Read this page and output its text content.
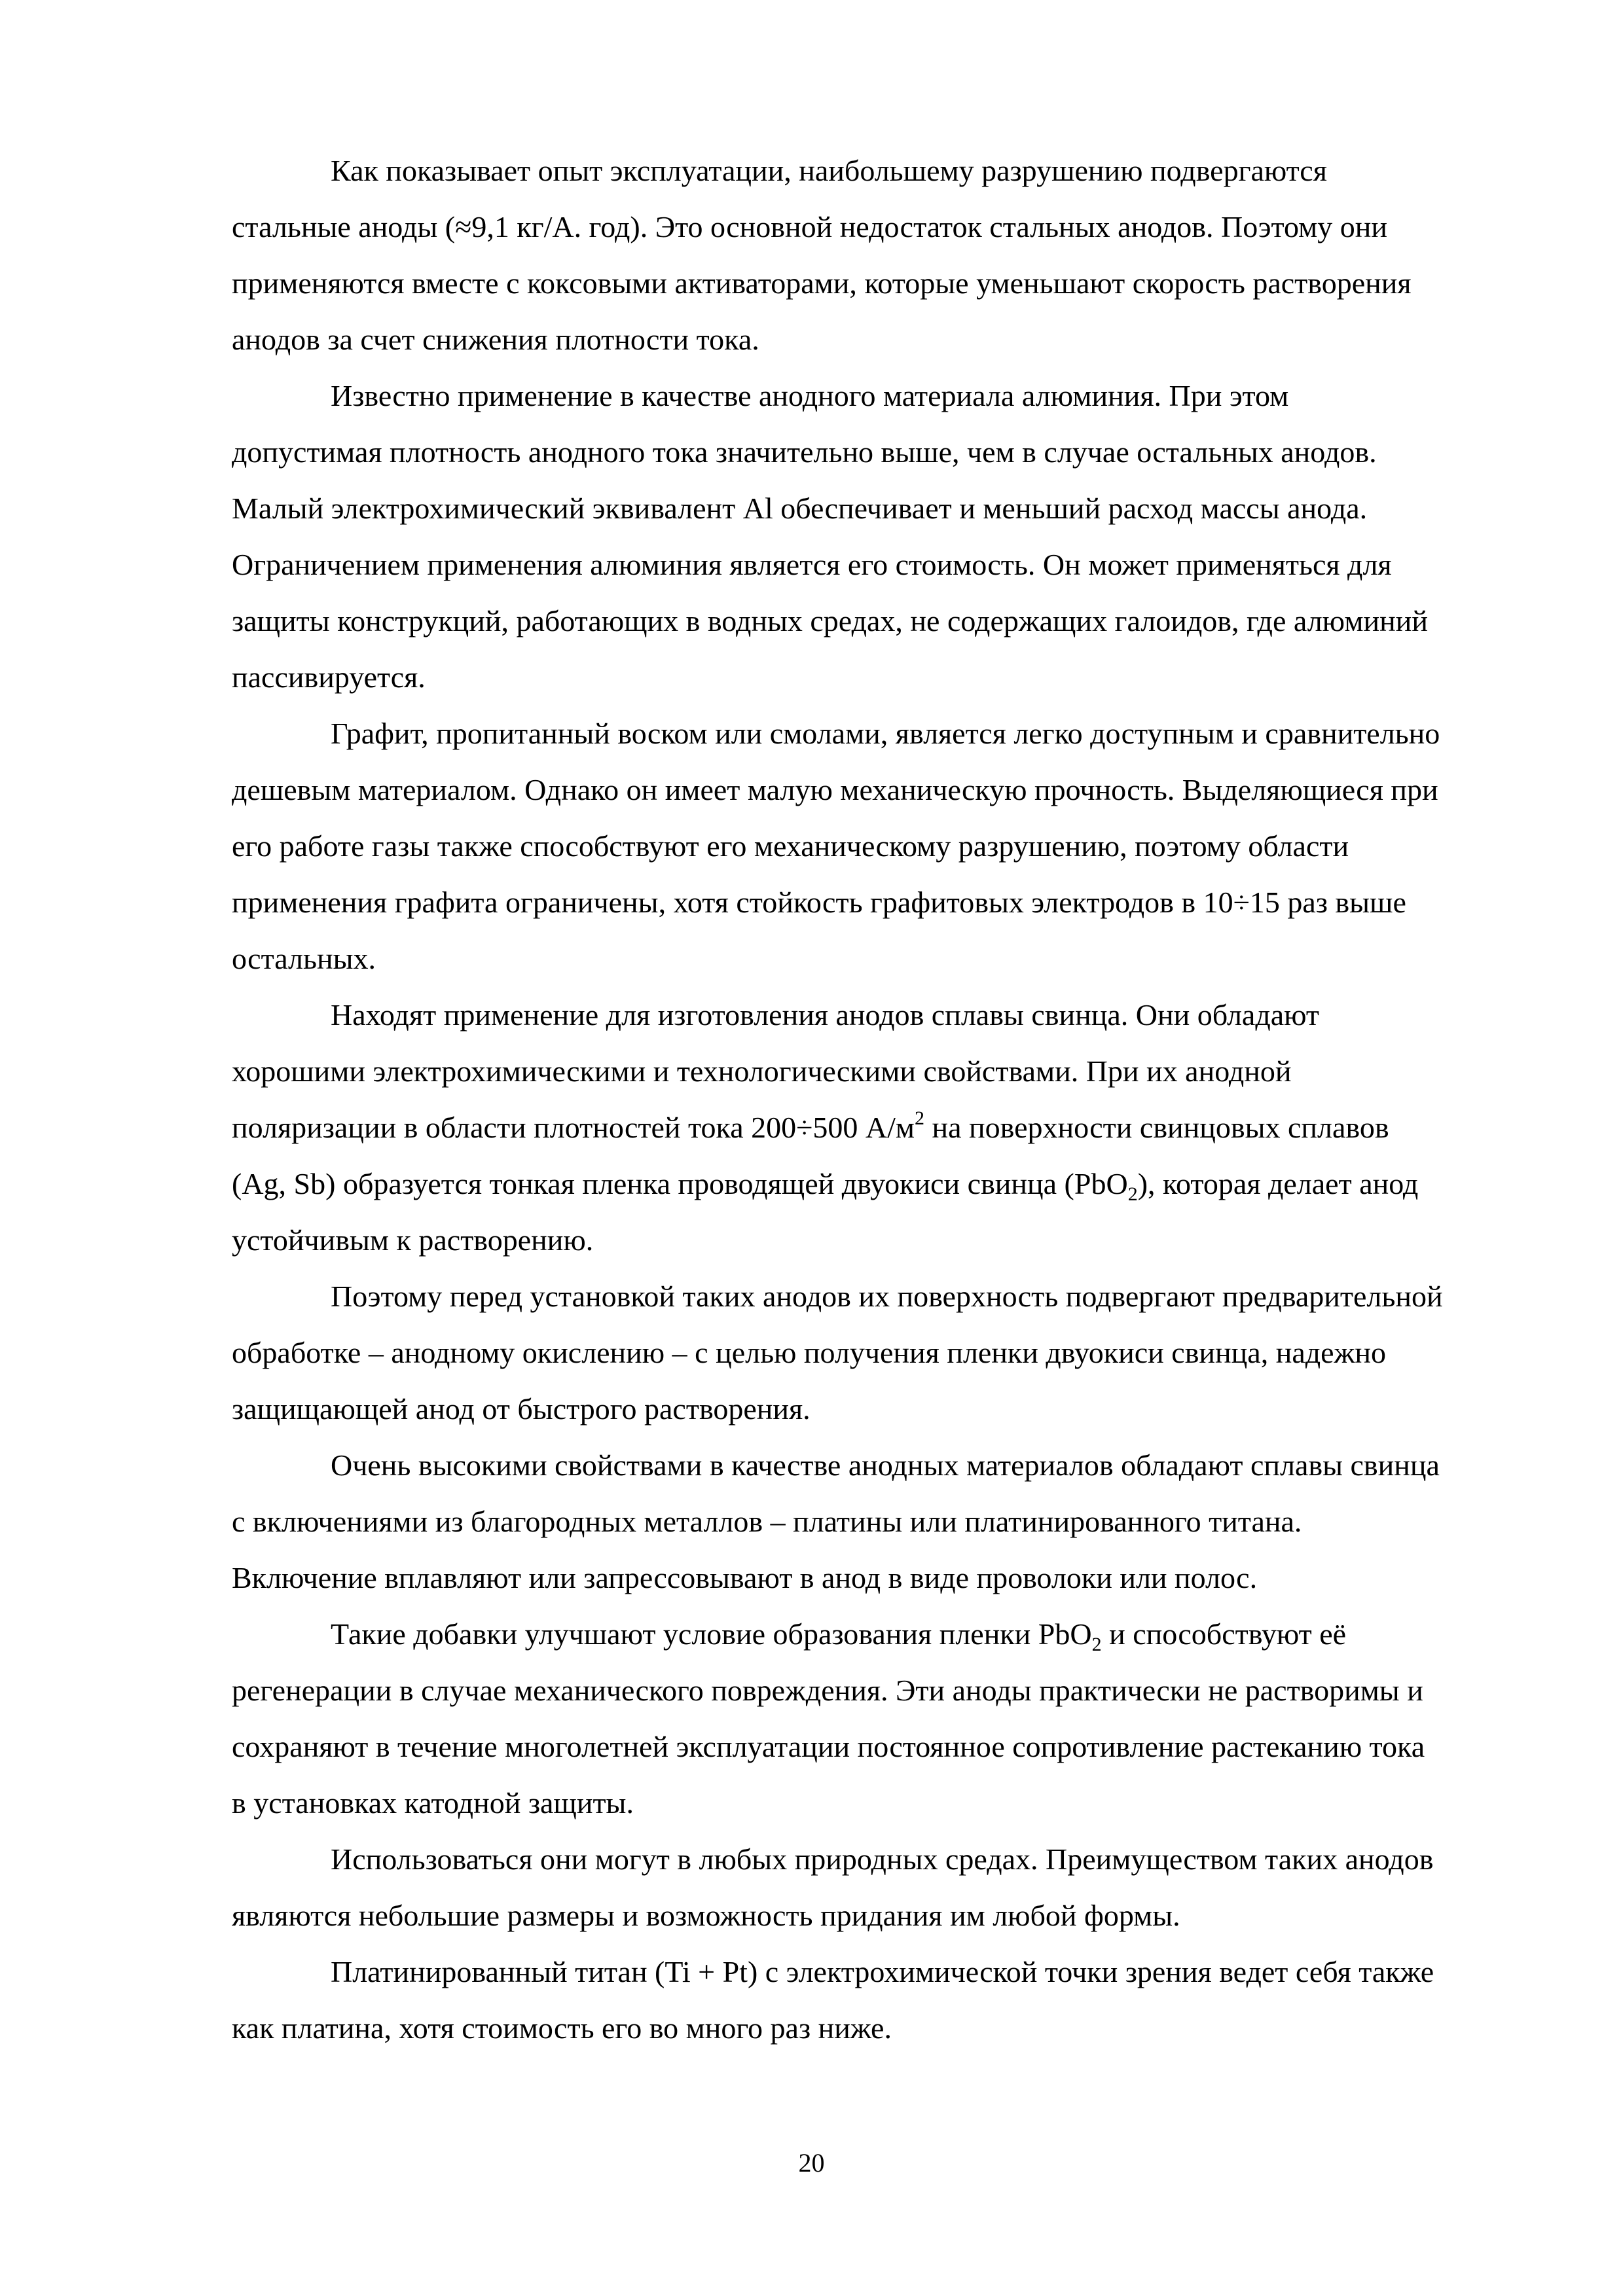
Как показывает опыт эксплуатации, наибольшему разрушению подвергаются
стальные аноды (≈9,1 кг/А. год). Это основной недостаток стальных анодов. Поэтому они
применяются вместе с коксовыми активаторами, которые уменьшают скорость растворения
анодов за счет снижения плотности тока.
Известно применение в качестве анодного материала алюминия. При этом
допустимая плотность анодного тока значительно выше, чем в случае остальных анодов.
Малый электрохимический эквивалент Al обеспечивает и меньший расход массы анода.
Ограничением применения алюминия является его стоимость. Он может применяться для
защиты конструкций, работающих в водных средах, не содержащих галоидов, где алюминий
пассивируется.
Графит, пропитанный воском или смолами, является легко доступным и сравнительно
дешевым материалом. Однако он имеет малую механическую прочность. Выделяющиеся при
его работе газы также способствуют его механическому разрушению, поэтому области
применения графита ограничены, хотя стойкость графитовых электродов в 10÷15 раз выше
остальных.
Находят применение для изготовления анодов сплавы свинца. Они обладают
хорошими электрохимическими и технологическими свойствами. При их анодной
поляризации в области плотностей тока 200÷500 $А/м^2$ на поверхности свинцовых сплавов
(Ag, Sb) образуется тонкая пленка проводящей двуокиси свинца (PbO$_2$), которая делает анод
устойчивым к растворению.
Поэтому перед установкой таких анодов их поверхность подвергают предварительной
обработке – анодному окислению – с целью получения пленки двуокиси свинца, надежно
защищающей анод от быстрого растворения.
Очень высокими свойствами в качестве анодных материалов обладают сплавы свинца
с включениями из благородных металлов – платины или платинированного титана.
Включение вплавляют или запрессовывают в анод в виде проволоки или полос.
Такие добавки улучшают условие образования пленки PbO$_2$ и способствуют её
регенерации в случае механического повреждения. Эти аноды практически не растворимы и
сохраняют в течение многолетней эксплуатации постоянное сопротивление растеканию тока
в установках катодной защиты.
Использоваться они могут в любых природных средах. Преимуществом таких анодов
являются небольшие размеры и возможность придания им любой формы.
Платинированный титан (Ti + Pt) с электрохимической точки зрения ведет себя также
как платина, хотя стоимость его во много раз ниже.
20
